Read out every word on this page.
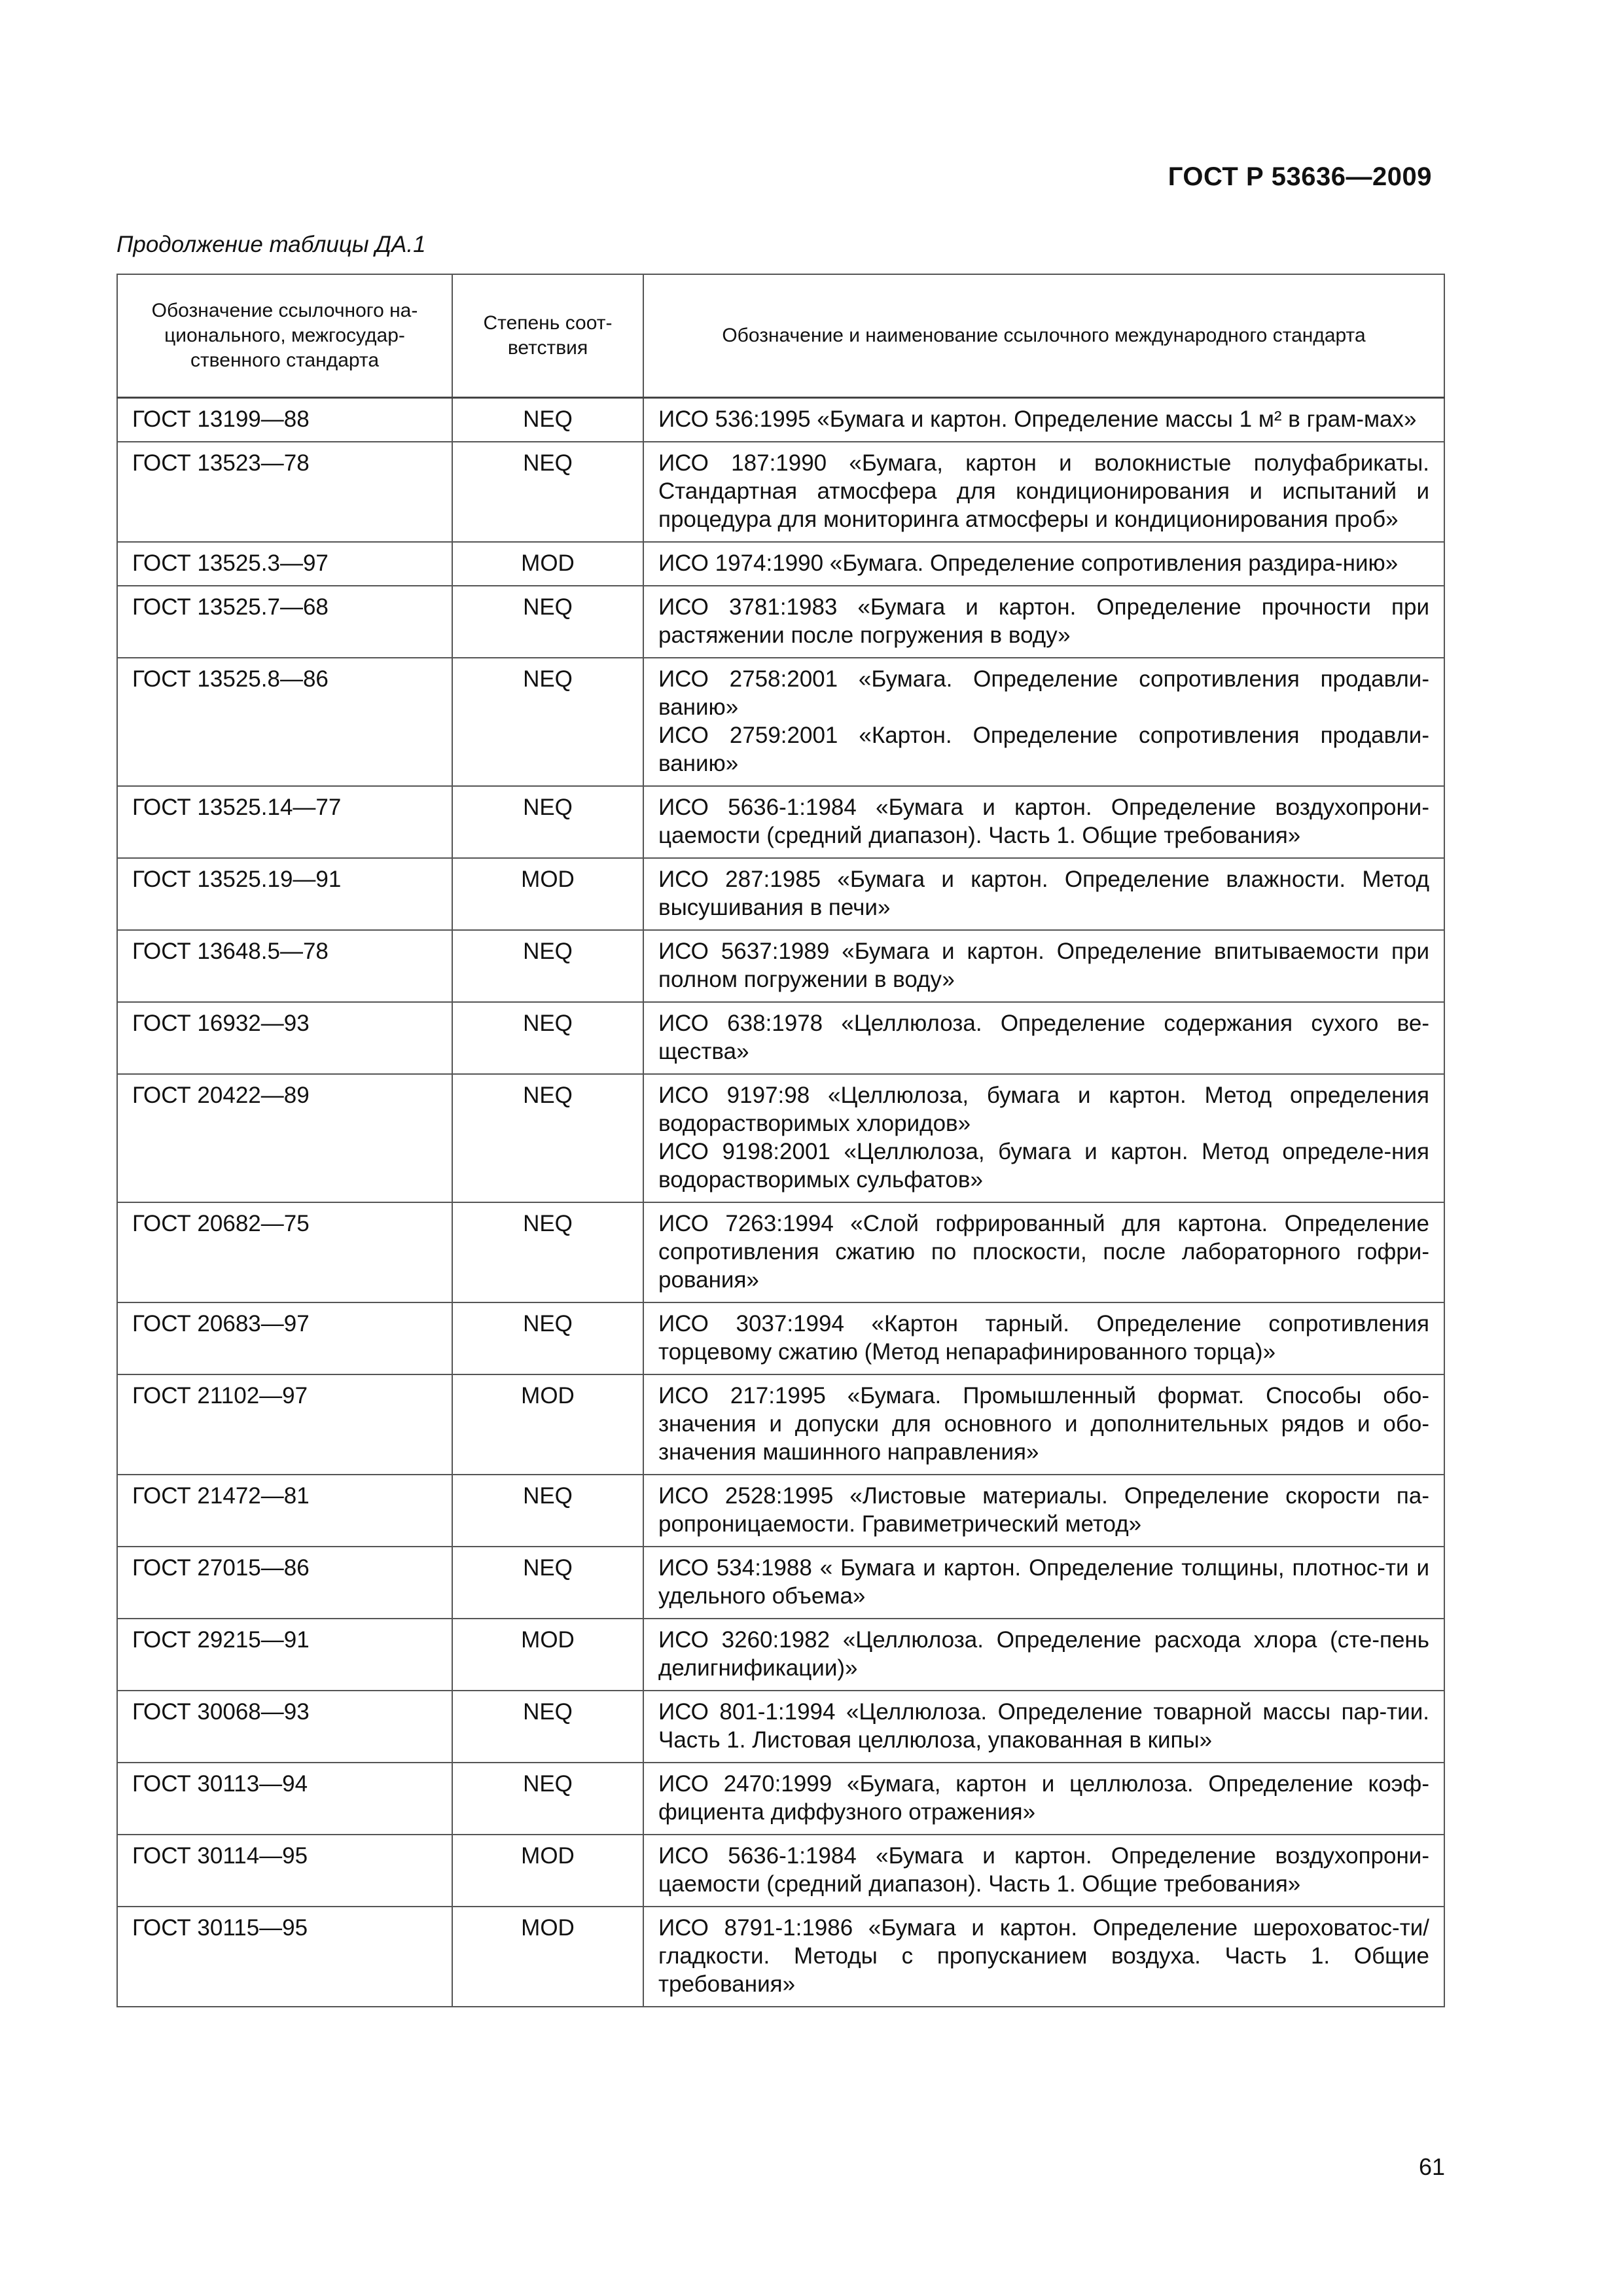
ГОСТ Р 53636—2009
Продолжение таблицы ДА.1
Обозначение ссылочного на-ционального, межгосудар-ственного стандарта	Степень соот-ветствия	Обозначение и наименование ссылочного международного стандарта
ГОСТ 13199—88	NEQ	ИСО 536:1995 «Бумага и картон. Определение массы 1 м² в грам-мах»

ГОСТ 13523—78	NEQ	ИСО 187:1990 «Бумага, картон и волокнистые полуфабрикаты. Стандартная атмосфера для кондиционирования и испытаний и процедура для мониторинга атмосферы и кондиционирования проб»

ГОСТ 13525.3—97	MOD	ИСО 1974:1990 «Бумага. Определение сопротивления раздира-нию»

ГОСТ 13525.7—68	NEQ	ИСО 3781:1983 «Бумага и картон. Определение прочности при растяжении после погружения в воду»

ГОСТ 13525.8—86	NEQ	ИСО 2758:2001 «Бумага. Определение сопротивления продавли-ванию»
ИСО 2759:2001 «Картон. Определение сопротивления продавли-ванию»

ГОСТ 13525.14—77	NEQ	ИСО 5636-1:1984 «Бумага и картон. Определение воздухопрони-цаемости (средний диапазон). Часть 1. Общие требования»

ГОСТ 13525.19—91	MOD	ИСО 287:1985 «Бумага и картон. Определение влажности. Метод высушивания в печи»

ГОСТ 13648.5—78	NEQ	ИСО 5637:1989 «Бумага и картон. Определение впитываемости при полном погружении в воду»

ГОСТ 16932—93	NEQ	ИСО 638:1978 «Целлюлоза. Определение содержания сухого ве-щества»

ГОСТ 20422—89	NEQ	ИСО 9197:98 «Целлюлоза, бумага и картон. Метод определения водорастворимых хлоридов»
ИСО 9198:2001 «Целлюлоза, бумага и картон. Метод определе-ния водорастворимых сульфатов»

ГОСТ 20682—75	NEQ	ИСО 7263:1994 «Слой гофрированный для картона. Определение сопротивления сжатию по плоскости, после лабораторного гофри-рования»

ГОСТ 20683—97	NEQ	ИСО 3037:1994 «Картон тарный. Определение сопротивления торцевому сжатию (Метод непарафинированного торца)»

ГОСТ 21102—97	MOD	ИСО 217:1995 «Бумага. Промышленный формат. Способы обо-значения и допуски для основного и дополнительных рядов и обо-значения машинного направления»

ГОСТ 21472—81	NEQ	ИСО 2528:1995 «Листовые материалы. Определение скорости па-ропроницаемости. Гравиметрический метод»

ГОСТ 27015—86	NEQ	ИСО 534:1988 « Бумага и картон. Определение толщины, плотнос-ти и удельного объема»

ГОСТ 29215—91	MOD	ИСО 3260:1982 «Целлюлоза. Определение расхода хлора (сте-пень делигнификации)»

ГОСТ 30068—93	NEQ	ИСО 801-1:1994 «Целлюлоза. Определение товарной массы пар-тии. Часть 1. Листовая целлюлоза, упакованная в кипы»

ГОСТ 30113—94	NEQ	ИСО 2470:1999 «Бумага, картон и целлюлоза. Определение коэф-фициента диффузного отражения»

ГОСТ 30114—95	MOD	ИСО 5636-1:1984 «Бумага и картон. Определение воздухопрони-цаемости (средний диапазон). Часть 1. Общие требования»

ГОСТ 30115—95	MOD	ИСО 8791-1:1986 «Бумага и картон. Определение шероховатос-ти/гладкости. Методы с пропусканием воздуха. Часть 1. Общие требования»
61
